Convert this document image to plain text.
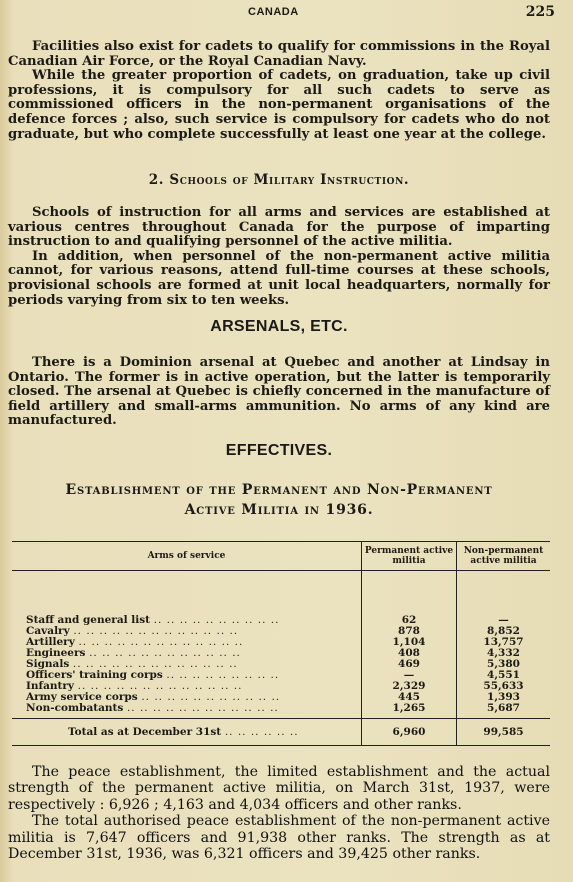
CANADA	225

Facilities also exist for cadets to qualify for commissions in the Royal Canadian Air Force, or the Royal Canadian Navy.

While the greater proportion of cadets, on graduation, take up civil professions, it is compulsory for all such cadets to serve as commissioned officers in the non-permanent organisations of the defence forces ; also, such service is compulsory for cadets who do not graduate, but who complete successfully at least one year at the college.

2. Schools of Military Instruction.

Schools of instruction for all arms and services are established at various centres throughout Canada for the purpose of imparting instruction to and qualifying personnel of the active militia.

In addition, when personnel of the non-permanent active militia cannot, for various reasons, attend full-time courses at these schools, provisional schools are formed at unit local headquarters, normally for periods varying from six to ten weeks.

ARSENALS, ETC.

There is a Dominion arsenal at Quebec and another at Lindsay in Ontario. The former is in active operation, but the latter is temporarily closed. The arsenal at Quebec is chiefly concerned in the manufacture of field artillery and small-arms ammunition. No arms of any kind are manufactured.

EFFECTIVES.
Establishment of the Permanent and Non-Permanent
Active Militia in 1936.
Arms of service	Permanent active militia	Non-permanent active militia

Staff and general list .. .. .. .. .. .. .. .. .. ..	62	—
Cavalry .. .. .. .. .. .. .. .. .. .. .. .. ..	878	8,852
Artillery .. .. .. .. .. .. .. .. .. .. .. .. ..	1,104	13,757
Engineers .. .. .. .. .. .. .. .. .. .. .. ..	408	4,332
Signals .. .. .. .. .. .. .. .. .. .. .. .. ..	469	5,380
Officers' training corps .. .. .. .. .. .. .. .. ..	—	4,551
Infantry .. .. .. .. .. .. .. .. .. .. .. .. ..	2,329	55,633
Army service corps .. .. .. .. .. .. .. .. .. .. ..	445	1,393
Non-combatants .. .. .. .. .. .. .. .. .. .. .. ..	1,265	5,687

Total as at December 31st .. .. .. .. .. ..	6,960	99,585

The peace establishment, the limited establishment and the actual strength of the permanent active militia, on March 31st, 1937, were respectively : 6,926 ; 4,163 and 4,034 officers and other ranks.

The total authorised peace establishment of the non-permanent active militia is 7,647 officers and 91,938 other ranks. The strength as at December 31st, 1936, was 6,321 officers and 39,425 other ranks.
